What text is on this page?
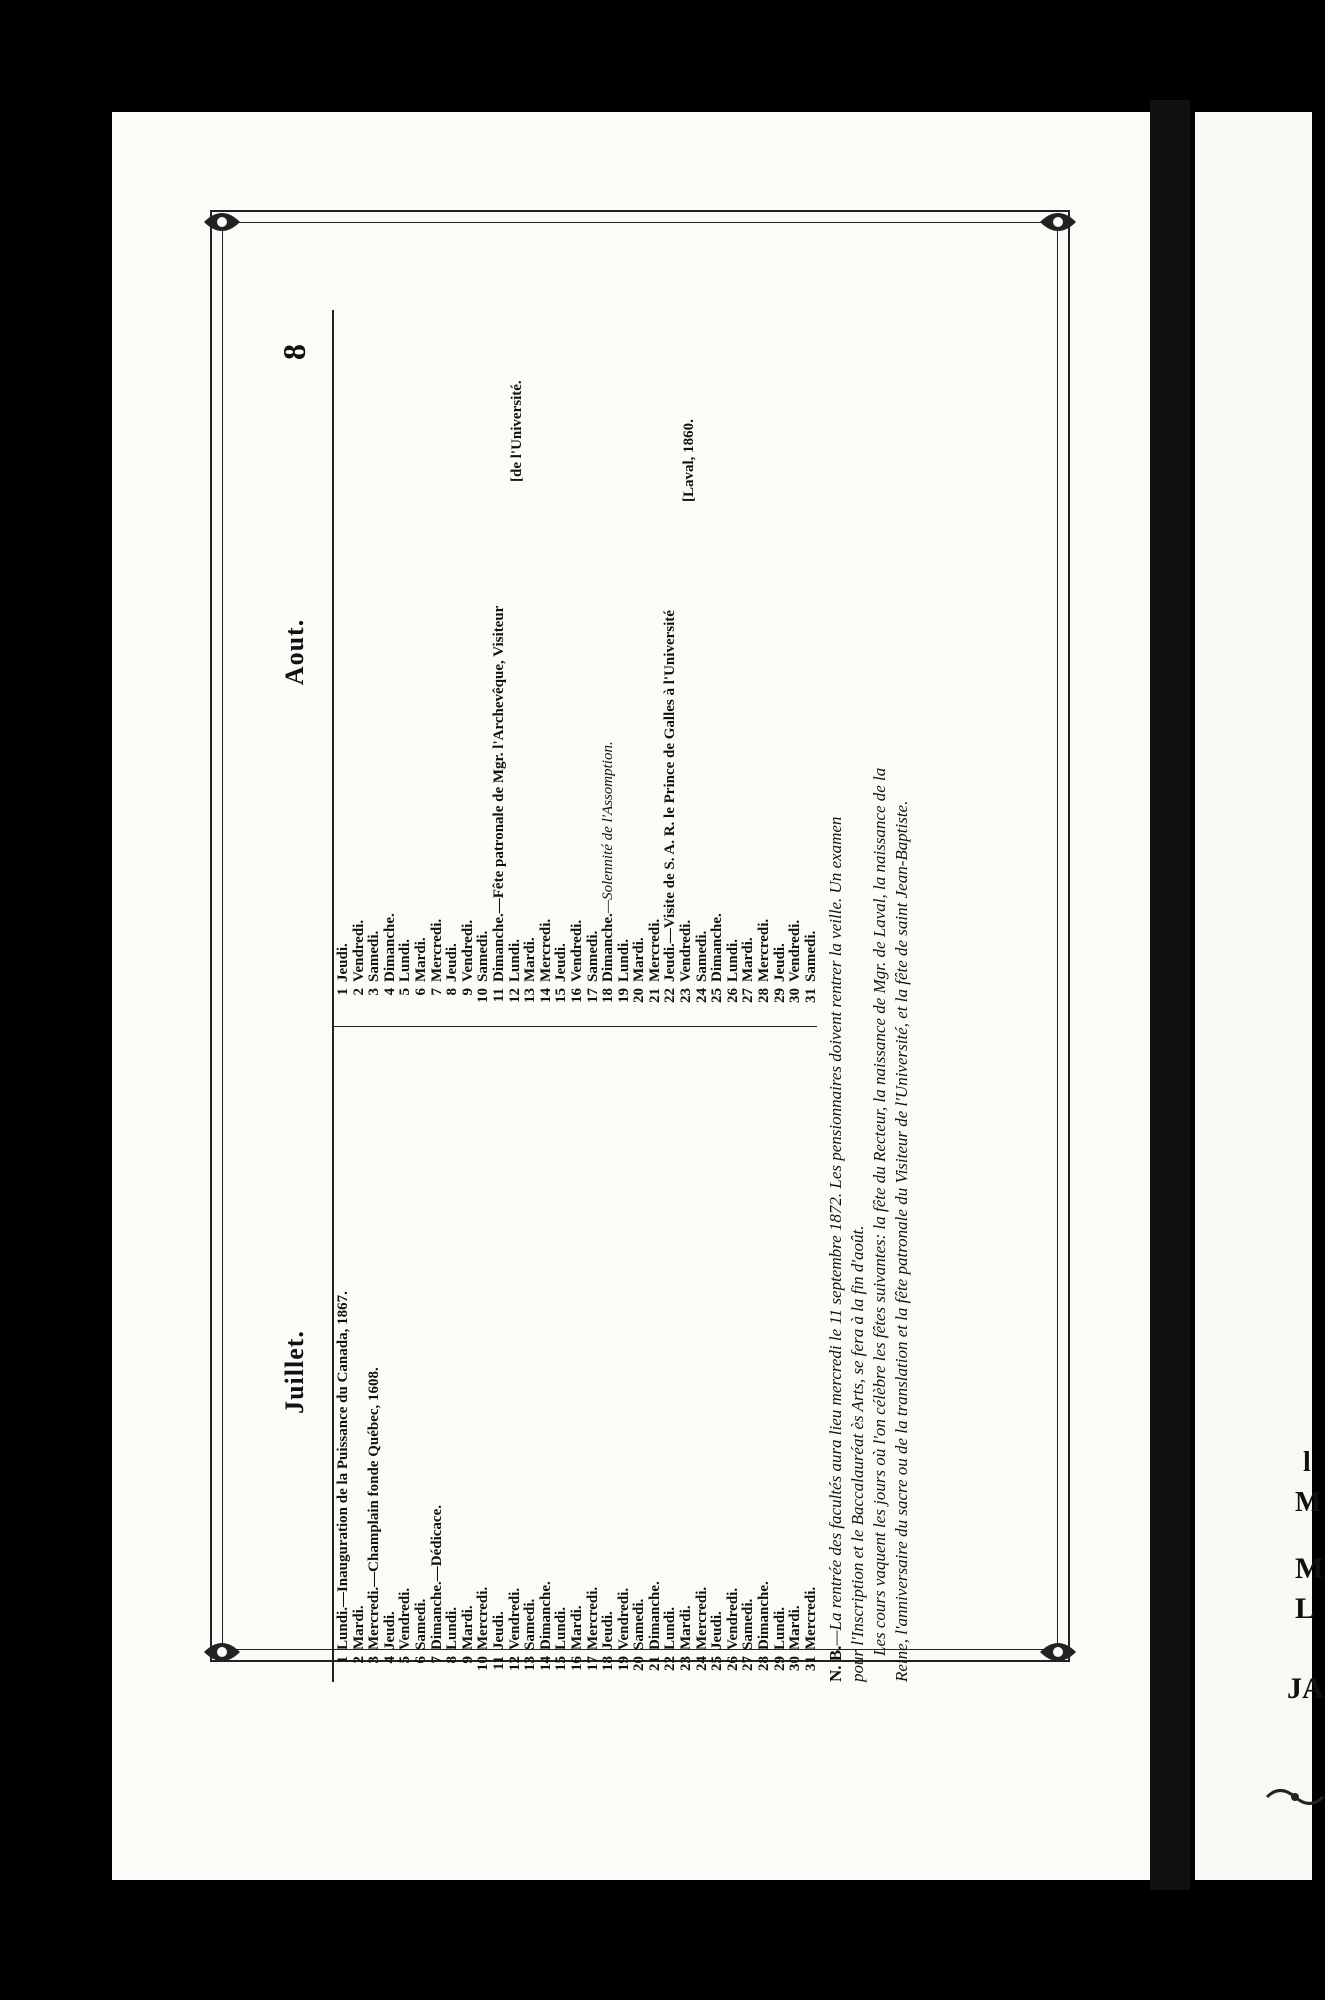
l
M
M
L
JA
8
Juillet.
Aout.
1Lundi.—Inauguration de la Puissance du Canada, 1867.
2Mardi.
3Mercredi.—Champlain fonde Québec, 1608.
4Jeudi.
5Vendredi.
6Samedi.
7Dimanche.—Dédicace.
8Lundi.
9Mardi.
10Mercredi.
11Jeudi.
12Vendredi.
13Samedi.
14Dimanche.
15Lundi.
16Mardi.
17Mercredi.
18Jeudi.
19Vendredi.
20Samedi.
21Dimanche.
22Lundi.
23Mardi.
24Mercredi.
25Jeudi.
26Vendredi.
27Samedi.
28Dimanche.
29Lundi.
30Mardi.
31Mercredi.
1Jeudi.
2Vendredi.
3Samedi.
4Dimanche.
5Lundi.
6Mardi.
7Mercredi.
8Jeudi.
9Vendredi.
10Samedi.
11Dimanche.—Fête patronale de Mgr. l'Archevêque, Visiteur
12Lundi.
13Mardi.
14Mercredi.
15Jeudi.
16Vendredi.
17Samedi.
18Dimanche.—Solennité de l'Assomption.
19Lundi.
20Mardi.
21Mercredi.
22Jeudi.—Visite de S. A. R. le Prince de Galles à l'Université
23Vendredi.
24Samedi.
25Dimanche.
26Lundi.
27Mardi.
28Mercredi.
29Jeudi.
30Vendredi.
31Samedi.
[de l'Université.	[Laval, 1860.

N. B.—La rentrée des facultés aura lieu mercredi le 11 septembre 1872. Les pensionnaires doivent rentrer la veille. Un examen pour l'Inscription et le Baccalauréat ès Arts, se fera à la fin d'août. Les cours vaquent les jours où l'on célèbre les fêtes suivantes: la fête du Recteur, la naissance de Mgr. de Laval, la naissance de la Reine, l'anniversaire du sacre ou de la translation et la fête patronale du Visiteur de l'Université, et la fête de saint Jean-Baptiste.
